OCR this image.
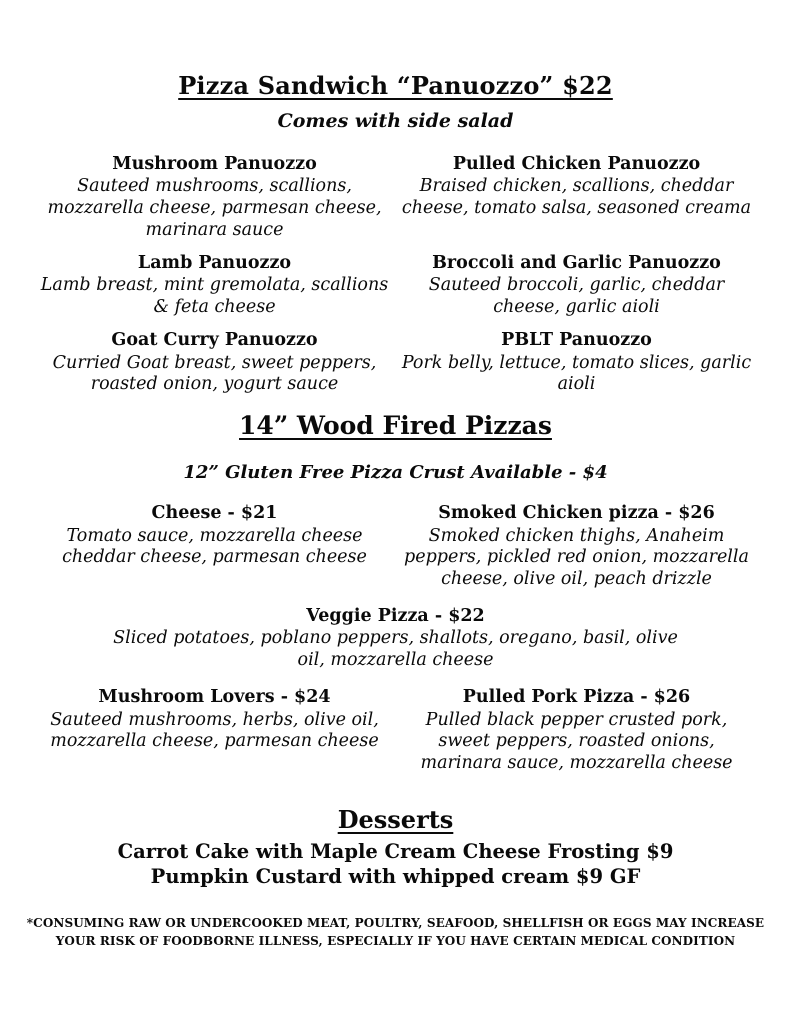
Pizza Sandwich “Panuozzo” $22

Comes with side salad

Mushroom Panuozzo
Sauteed mushrooms, scallions, mozzarella cheese, parmesan cheese, marinara sauce
Pulled Chicken Panuozzo
Braised chicken, scallions, cheddar cheese, tomato salsa, seasoned creama
Lamb Panuozzo
Lamb breast, mint gremolata, scallions & feta cheese
Broccoli and Garlic Panuozzo
Sauteed broccoli, garlic, cheddar cheese, garlic aioli
Goat Curry Panuozzo
Curried Goat breast, sweet peppers, roasted onion, yogurt sauce
PBLT Panuozzo
Pork belly, lettuce, tomato slices, garlic aioli
14” Wood Fired Pizzas

12” Gluten Free Pizza Crust Available - $4

Cheese - $21
Tomato sauce, mozzarella cheese cheddar cheese, parmesan cheese
Smoked Chicken pizza - $26
Smoked chicken thighs, Anaheim peppers, pickled red onion, mozzarella cheese, olive oil, peach drizzle
Veggie Pizza - $22
Sliced potatoes, poblano peppers, shallots, oregano, basil, olive oil, mozzarella cheese
Mushroom Lovers - $24
Sauteed mushrooms, herbs, olive oil, mozzarella cheese, parmesan cheese
Pulled Pork Pizza - $26
Pulled black pepper crusted pork, sweet peppers, roasted onions, marinara sauce, mozzarella cheese
Desserts

Carrot Cake with Maple Cream Cheese Frosting $9

Pumpkin Custard with whipped cream $9 GF

*CONSUMING RAW OR UNDERCOOKED MEAT, POULTRY, SEAFOOD, SHELLFISH OR EGGS MAY INCREASE YOUR RISK OF FOODBORNE ILLNESS, ESPECIALLY IF YOU HAVE CERTAIN MEDICAL CONDITION
